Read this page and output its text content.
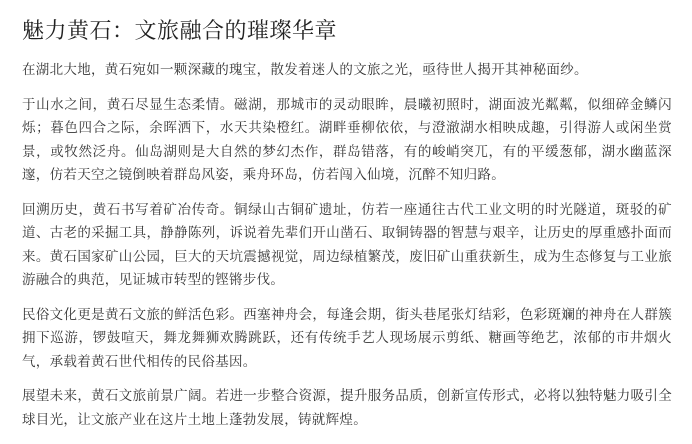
魅力黄石：文旅融合的璀璨华章

在湖北大地，黄石宛如一颗深藏的瑰宝，散发着迷人的文旅之光，亟待世人揭开其神秘面纱。

于山水之间，黄石尽显生态柔情。磁湖，那城市的灵动眼眸，晨曦初照时，湖面波光粼粼，似细碎金鳞闪烁；暮色四合之际，余晖洒下，水天共染橙红。湖畔垂柳依依，与澄澈湖水相映成趣，引得游人或闲坐赏景，或牧然泛舟。仙岛湖则是大自然的梦幻杰作，群岛错落，有的峻峭突兀，有的平缓葱郁，湖水幽蓝深邃，仿若天空之镜倒映着群岛风姿，乘舟环岛，仿若闯入仙境，沉醉不知归路。

回溯历史，黄石书写着矿冶传奇。铜绿山古铜矿遗址，仿若一座通往古代工业文明的时光隧道，斑驳的矿道、古老的采掘工具，静静陈列，诉说着先辈们开山凿石、取铜铸器的智慧与艰辛，让历史的厚重感扑面而来。黄石国家矿山公园，巨大的天坑震撼视觉，周边绿植繁茂，废旧矿山重获新生，成为生态修复与工业旅游融合的典范，见证城市转型的铿锵步伐。

民俗文化更是黄石文旅的鲜活色彩。西塞神舟会，每逢会期，街头巷尾张灯结彩，色彩斑斓的神舟在人群簇拥下巡游，锣鼓喧天，舞龙舞狮欢腾跳跃，还有传统手艺人现场展示剪纸、糖画等绝艺，浓郁的市井烟火气，承载着黄石世代相传的民俗基因。

展望未来，黄石文旅前景广阔。若进一步整合资源，提升服务品质，创新宣传形式，必将以独特魅力吸引全球目光，让文旅产业在这片土地上蓬勃发展，铸就辉煌。
